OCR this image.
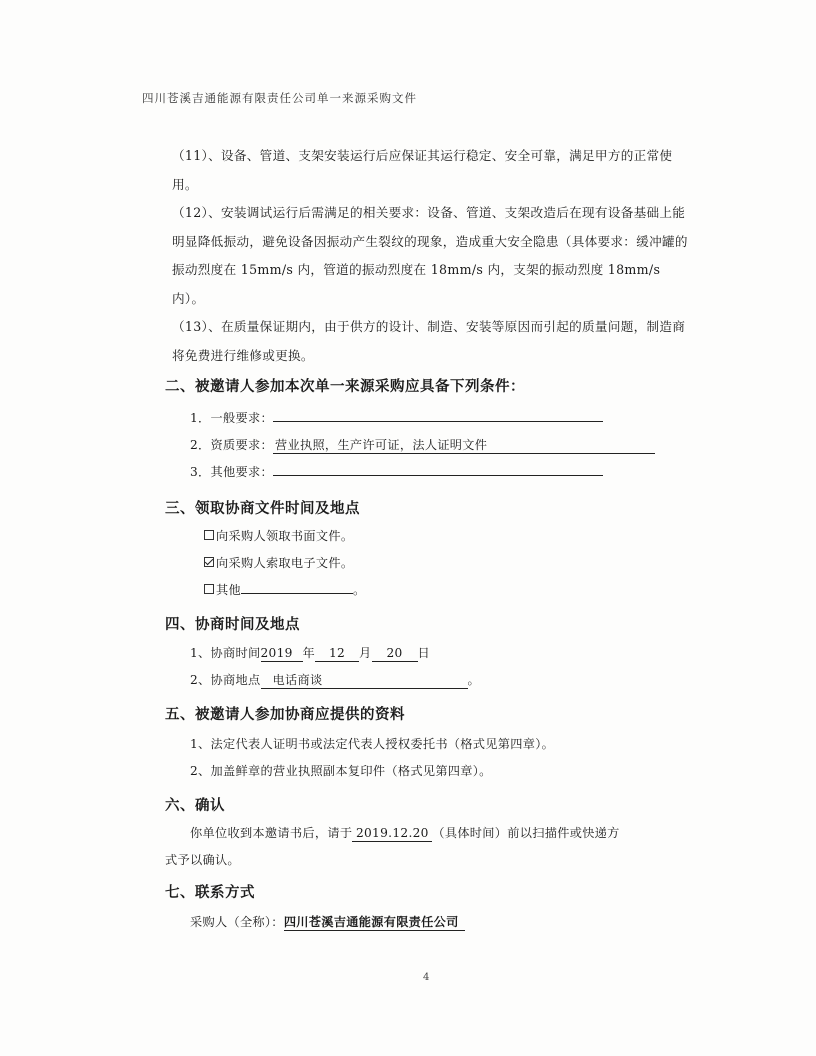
四川苍溪吉通能源有限责任公司单一来源采购文件
（11）、设备、管道、支架安装运行后应保证其运行稳定、安全可靠，满足甲方的正常使用。
（12）、安装调试运行后需满足的相关要求：设备、管道、支架改造后在现有设备基础上能明显降低振动，避免设备因振动产生裂纹的现象，造成重大安全隐患（具体要求：缓冲罐的振动烈度在 15mm/s 内，管道的振动烈度在 18mm/s 内，支架的振动烈度 18mm/s 内）。
（13）、在质量保证期内，由于供方的设计、制造、安装等原因而引起的质量问题，制造商将免费进行维修或更换。
二、被邀请人参加本次单一来源采购应具备下列条件：
1．一般要求：
2．资质要求： 营业执照，生产许可证，法人证明文件
3．其他要求：
三、领取协商文件时间及地点
向采购人领取书面文件。
向采购人索取电子文件。
其他	。
四、协商时间及地点
1、协商时间2019 年 12 月 20 日
2、协商地点 电话商谈	。
五、被邀请人参加协商应提供的资料
1、法定代表人证明书或法定代表人授权委托书（格式见第四章）。
2、加盖鲜章的营业执照副本复印件（格式见第四章）。
六、确认
你单位收到本邀请书后，请于 2019.12.20 （具体时间）前以扫描件或快递方
式予以确认。
七、联系方式
采购人（全称）：四川苍溪吉通能源有限责任公司
4
